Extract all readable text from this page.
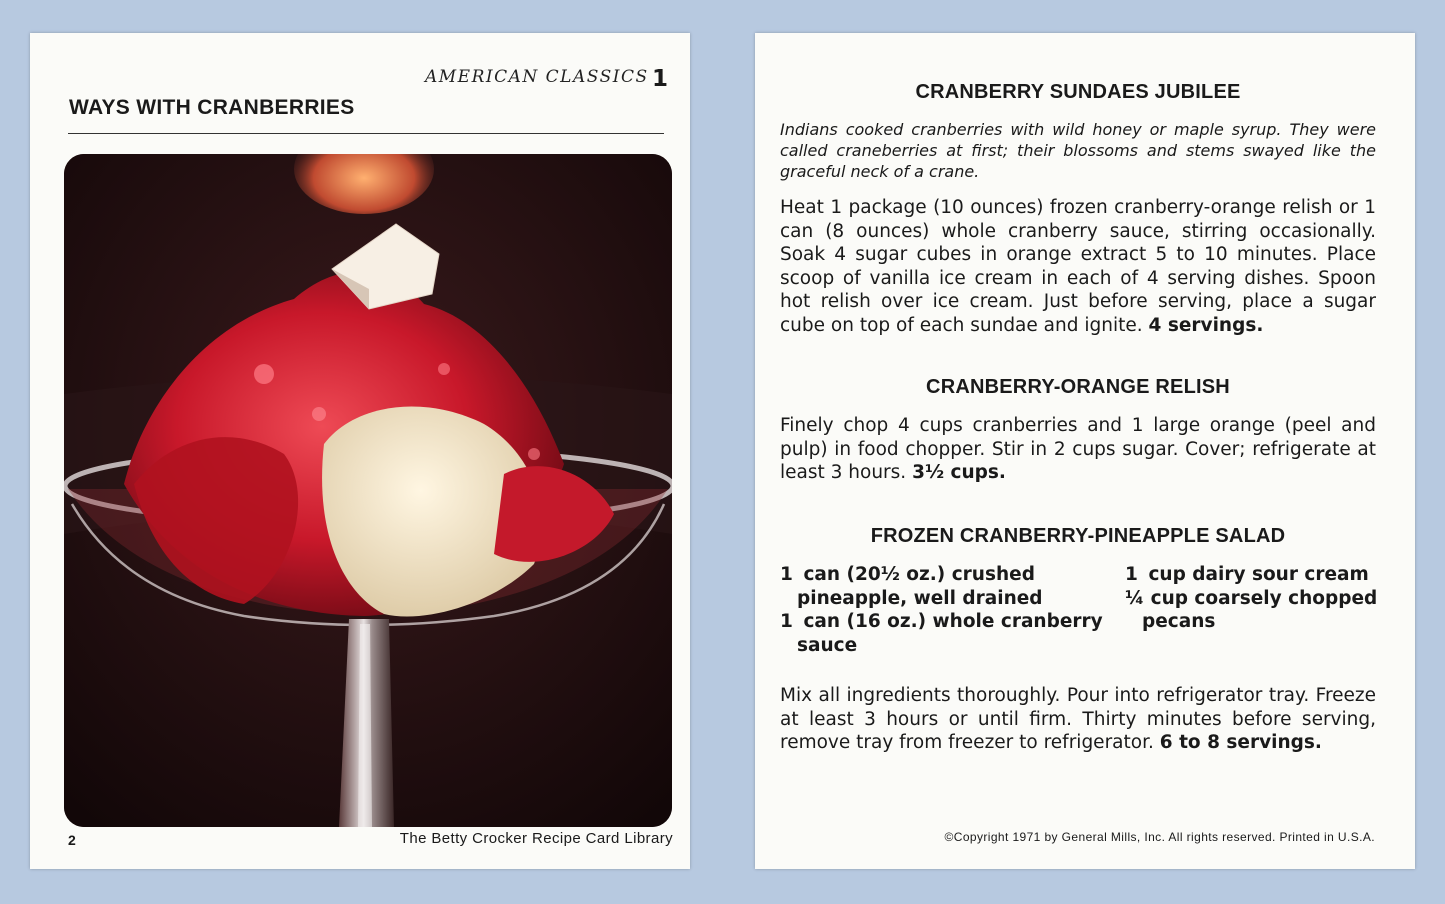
AMERICAN CLASSICS 1
WAYS WITH CRANBERRIES
2	The Betty Crocker Recipe Card Library
CRANBERRY SUNDAES JUBILEE
Indians cooked cranberries with wild honey or maple syrup. They were called craneberries at first; their blossoms and stems swayed like the graceful neck of a crane.
Heat 1 package (10 ounces) frozen cranberry-orange relish or 1 can (8 ounces) whole cranberry sauce, stirring occasionally. Soak 4 sugar cubes in orange extract 5 to 10 minutes. Place scoop of vanilla ice cream in each of 4 serving dishes. Spoon hot relish over ice cream. Just before serving, place a sugar cube on top of each sundae and ignite. 4 servings.
CRANBERRY-ORANGE RELISH
Finely chop 4 cups cranberries and 1 large orange (peel and pulp) in food chopper. Stir in 2 cups sugar. Cover; refrigerate at least 3 hours. 3½ cups.
FROZEN CRANBERRY-PINEAPPLE SALAD
1 can (20½ oz.) crushed pineapple, well drained
1 can (16 oz.) whole cranberry sauce
1 cup dairy sour cream
¼ cup coarsely chopped pecans
Mix all ingredients thoroughly. Pour into refrigerator tray. Freeze at least 3 hours or until firm. Thirty minutes before serving, remove tray from freezer to refrigerator. 6 to 8 servings.
©Copyright 1971 by General Mills, Inc. All rights reserved. Printed in U.S.A.
